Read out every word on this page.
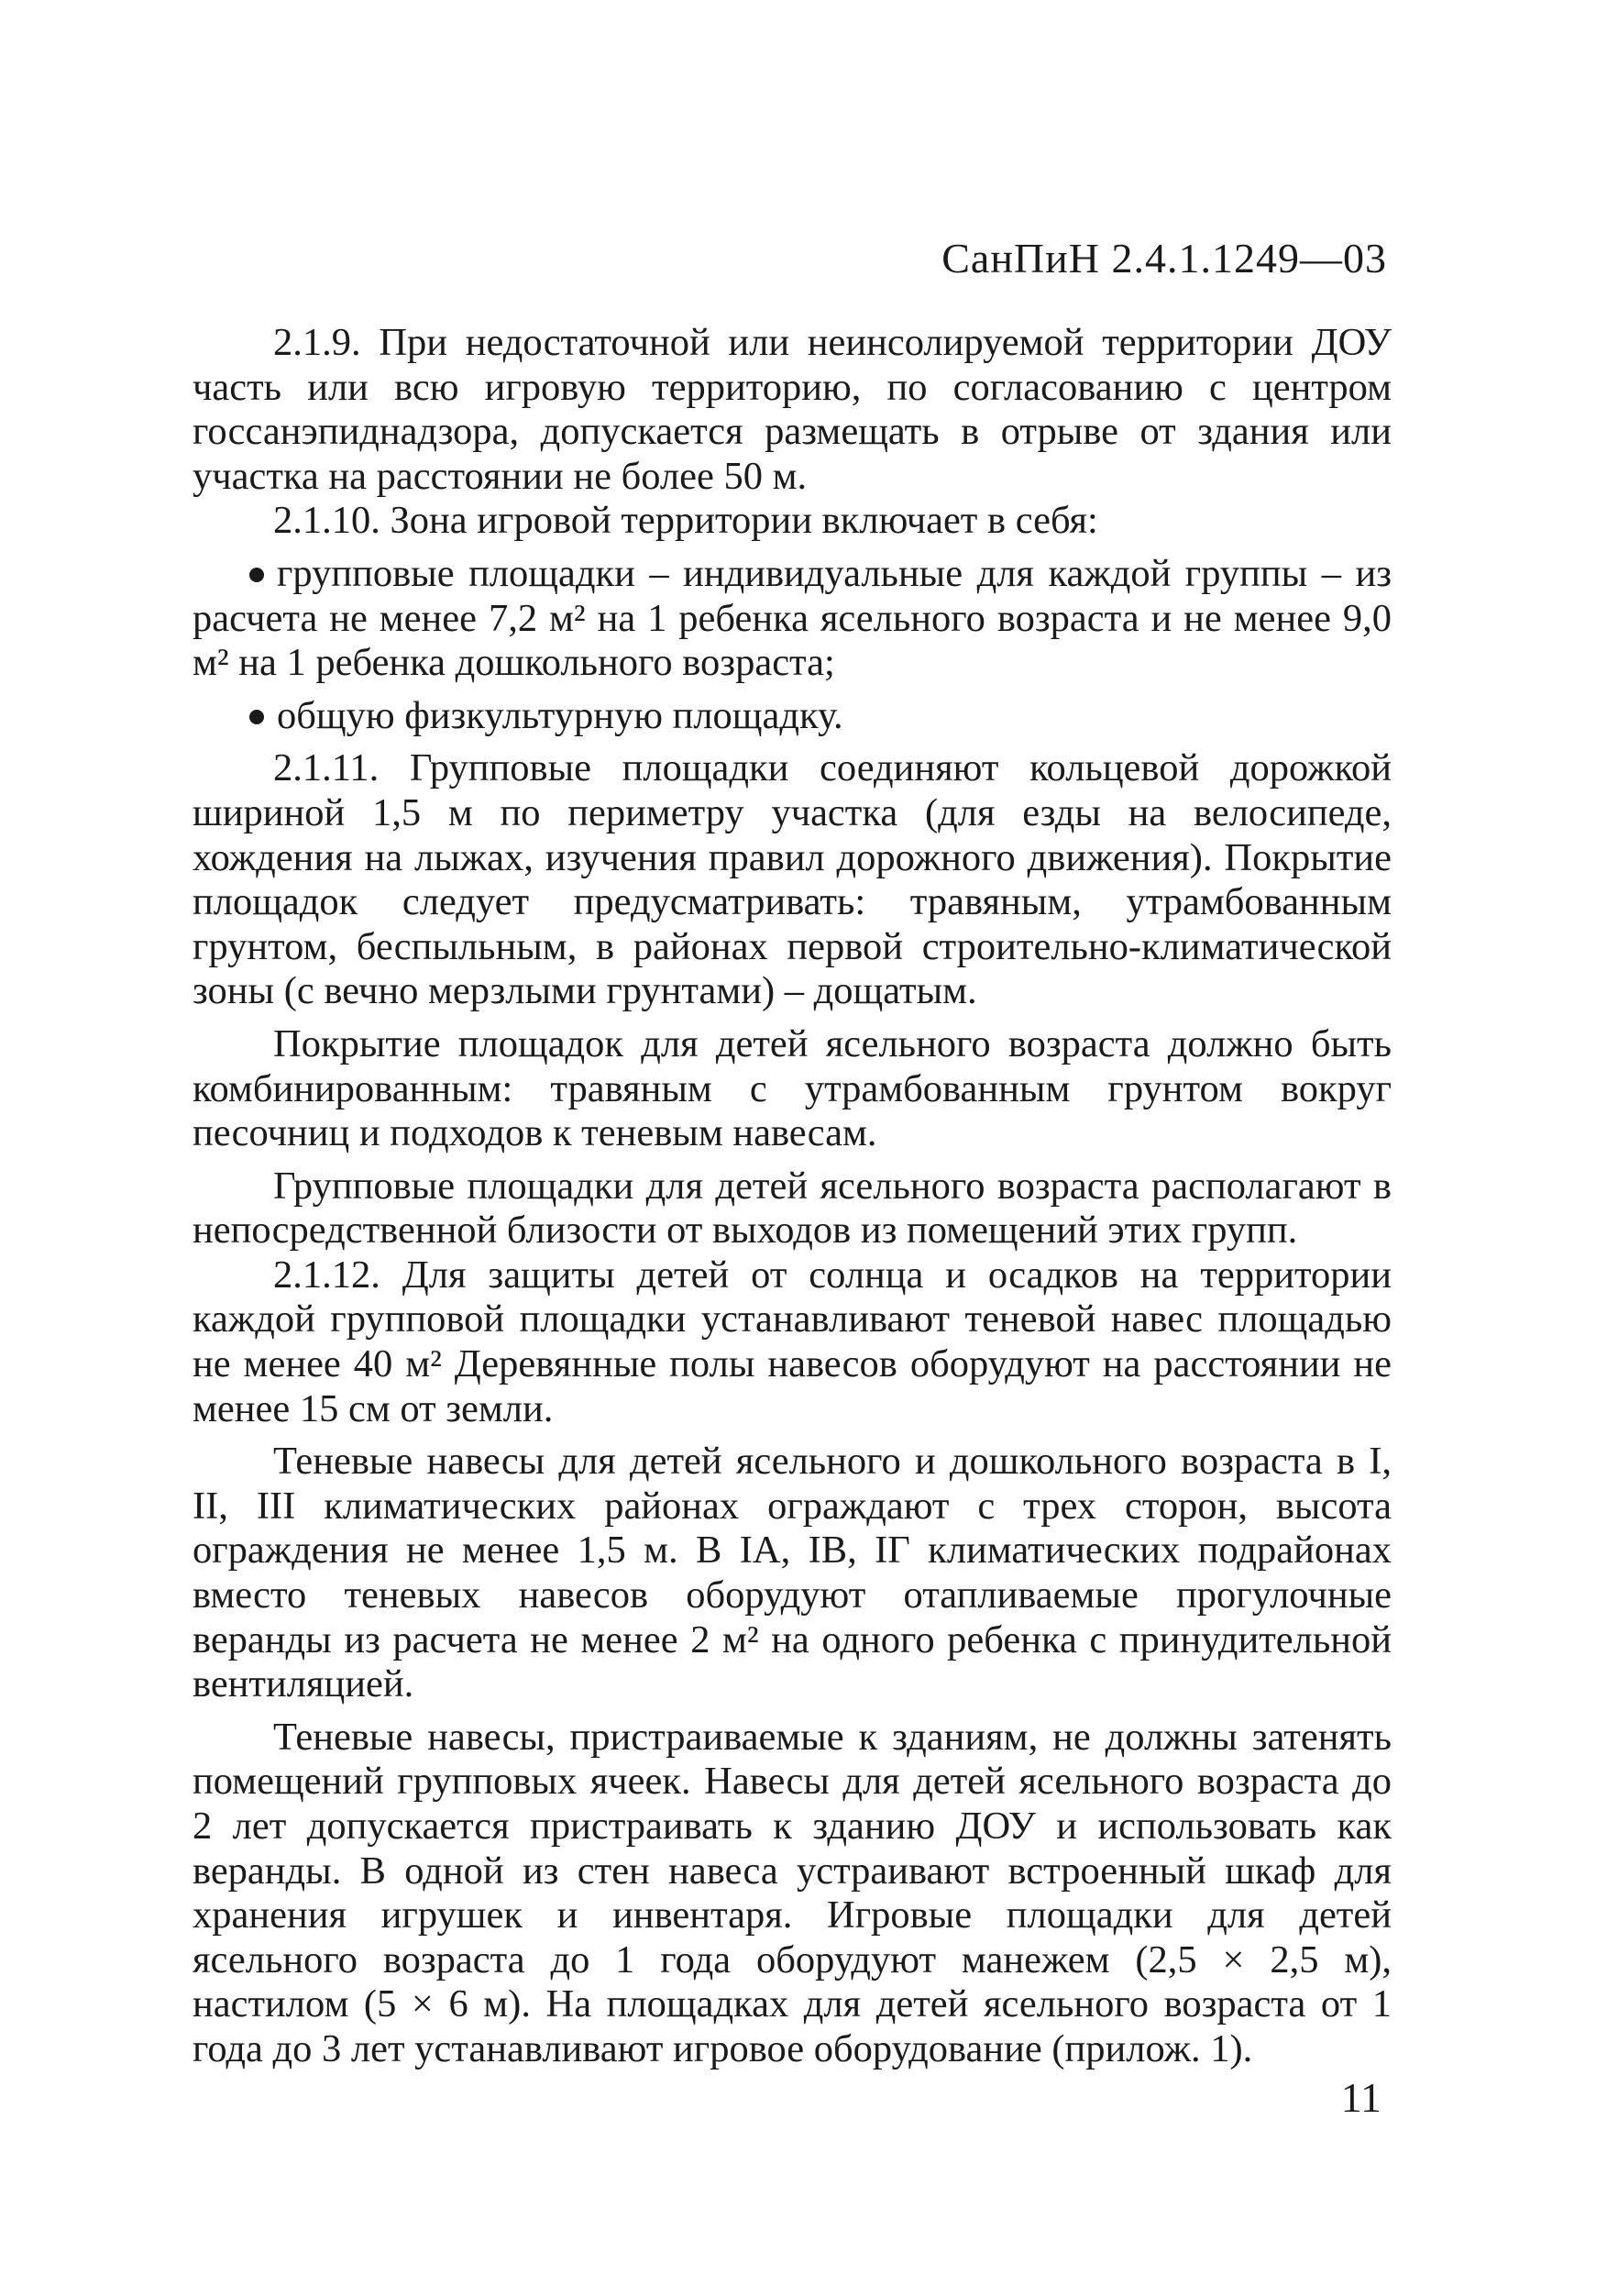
СанПиН 2.4.1.1249—03

2.1.9. При недостаточной или неинсолируемой территории ДОУ часть или всю игровую территорию, по согласованию с центром госсанэпиднадзора, допускается размещать в отрыве от здания или участка на расстоянии не более 50 м.

2.1.10. Зона игровой территории включает в себя:

групповые площадки – индивидуальные для каждой группы – из расчета не менее 7,2 м² на 1 ребенка ясельного возраста и не менее 9,0 м² на 1 ребенка дошкольного возраста;

общую физкультурную площадку.

2.1.11. Групповые площадки соединяют кольцевой дорожкой шириной 1,5 м по периметру участка (для езды на велосипеде, хождения на лыжах, изучения правил дорожного движения). Покрытие площадок следует предусматривать: травяным, утрамбованным грунтом, беспыльным, в районах первой строительно-климатической зоны (с вечно мерзлыми грунтами) – дощатым.

Покрытие площадок для детей ясельного возраста должно быть комбинированным: травяным с утрамбованным грунтом вокруг песочниц и подходов к теневым навесам.

Групповые площадки для детей ясельного возраста располагают в непосредственной близости от выходов из помещений этих групп.

2.1.12. Для защиты детей от солнца и осадков на территории каждой групповой площадки устанавливают теневой навес площадью не менее 40 м² Деревянные полы навесов оборудуют на расстоянии не менее 15 см от земли.

Теневые навесы для детей ясельного и дошкольного возраста в I, II, III климатических районах ограждают с трех сторон, высота ограждения не менее 1,5 м. В IА, IВ, IГ климатических подрайонах вместо теневых навесов оборудуют отапливаемые прогулочные веранды из расчета не менее 2 м² на одного ребенка с принудительной вентиляцией.

Теневые навесы, пристраиваемые к зданиям, не должны затенять помещений групповых ячеек. Навесы для детей ясельного возраста до 2 лет допускается пристраивать к зданию ДОУ и использовать как веранды. В одной из стен навеса устраивают встроенный шкаф для хранения игрушек и инвентаря. Игровые площадки для детей ясельного возраста до 1 года оборудуют манежем (2,5 × 2,5 м), настилом (5 × 6 м). На площадках для детей ясельного возраста от 1 года до 3 лет устанавливают игровое оборудование (прилож. 1).

11
